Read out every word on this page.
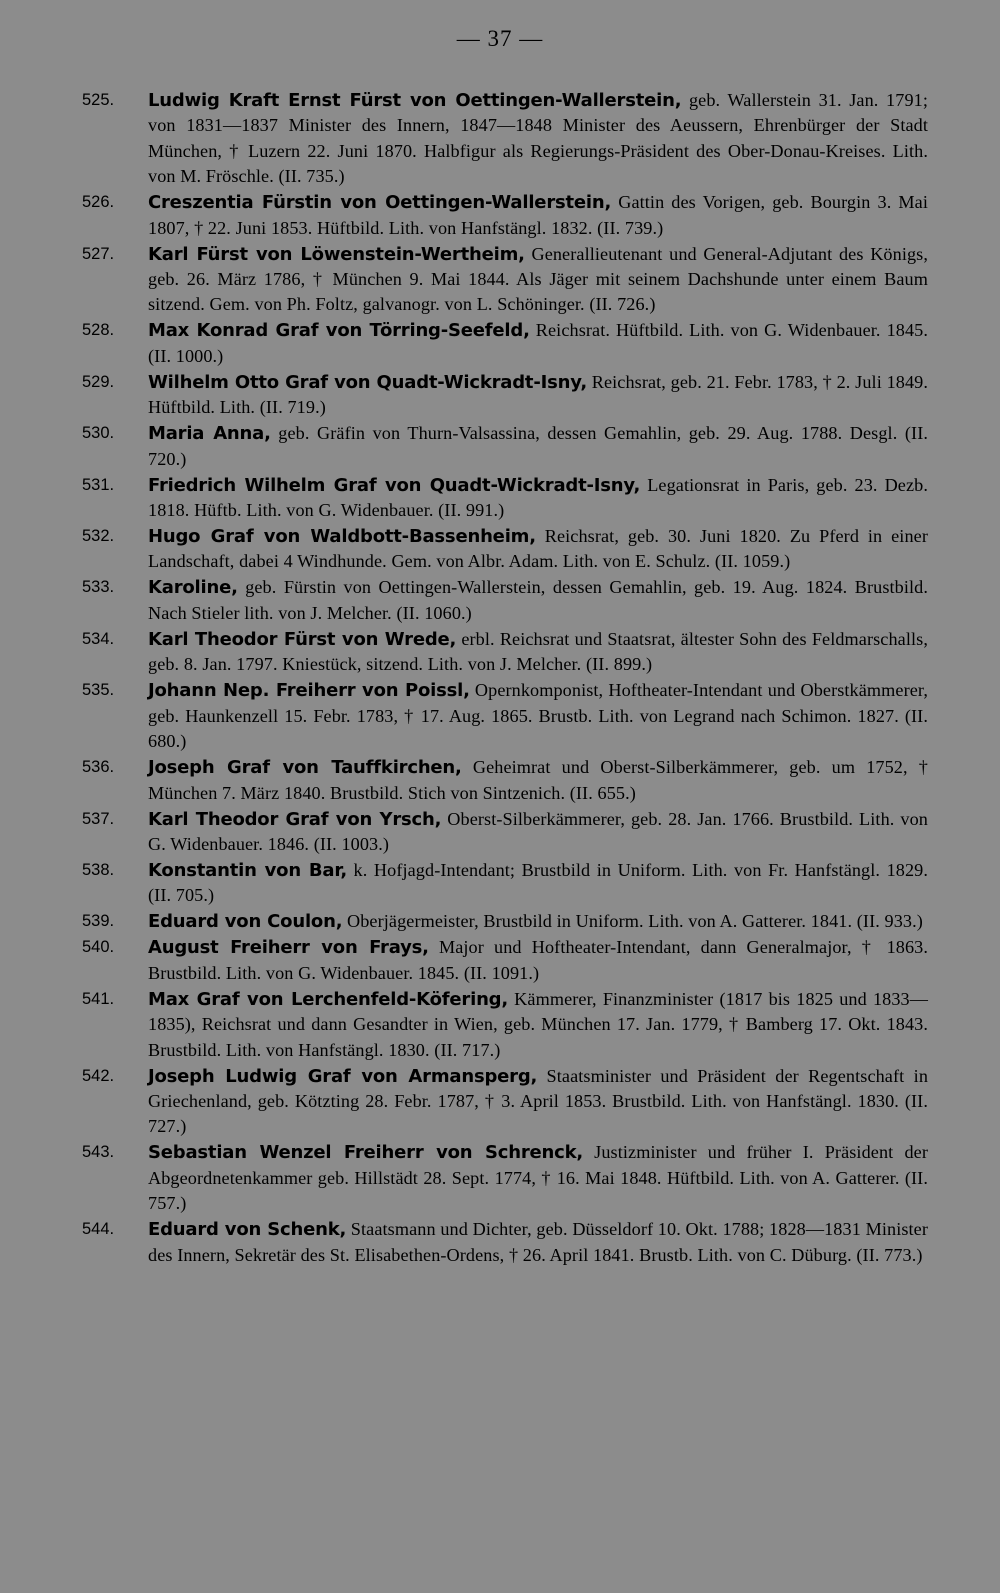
— 37 —
525. Ludwig Kraft Ernst Fürst von Oettingen-Wallerstein, geb. Wallerstein 31. Jan. 1791; von 1831—1837 Minister des Innern, 1847—1848 Minister des Aeussern, Ehrenbürger der Stadt München, † Luzern 22. Juni 1870. Halbfigur als Regierungs-Präsident des Ober-Donau-Kreises. Lith. von M. Fröschle. (II. 735.)
526. Creszentia Fürstin von Oettingen-Wallerstein, Gattin des Vorigen, geb. Bourgin 3. Mai 1807, † 22. Juni 1853. Hüftbild. Lith. von Hanfstängl. 1832. (II. 739.)
527. Karl Fürst von Löwenstein-Wertheim, Generallieutenant und General-Adjutant des Königs, geb. 26. März 1786, † München 9. Mai 1844. Als Jäger mit seinem Dachshunde unter einem Baum sitzend. Gem. von Ph. Foltz, galvanogr. von L. Schöninger. (II. 726.)
528. Max Konrad Graf von Törring-Seefeld, Reichsrat. Hüftbild. Lith. von G. Widenbauer. 1845. (II. 1000.)
529. Wilhelm Otto Graf von Quadt-Wickradt-Isny, Reichsrat, geb. 21. Febr. 1783, † 2. Juli 1849. Hüftbild. Lith. (II. 719.)
530. Maria Anna, geb. Gräfin von Thurn-Valsassina, dessen Gemahlin, geb. 29. Aug. 1788. Desgl. (II. 720.)
531. Friedrich Wilhelm Graf von Quadt-Wickradt-Isny, Legationsrat in Paris, geb. 23. Dezb. 1818. Hüftb. Lith. von G. Widenbauer. (II. 991.)
532. Hugo Graf von Waldbott-Bassenheim, Reichsrat, geb. 30. Juni 1820. Zu Pferd in einer Landschaft, dabei 4 Windhunde. Gem. von Albr. Adam. Lith. von E. Schulz. (II. 1059.)
533. Karoline, geb. Fürstin von Oettingen-Wallerstein, dessen Gemahlin, geb. 19. Aug. 1824. Brustbild. Nach Stieler lith. von J. Melcher. (II. 1060.)
534. Karl Theodor Fürst von Wrede, erbl. Reichsrat und Staatsrat, ältester Sohn des Feldmarschalls, geb. 8. Jan. 1797. Kniestück, sitzend. Lith. von J. Melcher. (II. 899.)
535. Johann Nep. Freiherr von Poissl, Opernkomponist, Hoftheater-Intendant und Oberstkämmerer, geb. Haunkenzell 15. Febr. 1783, † 17. Aug. 1865. Brustb. Lith. von Legrand nach Schimon. 1827. (II. 680.)
536. Joseph Graf von Tauffkirchen, Geheimrat und Oberst-Silberkämmerer, geb. um 1752, † München 7. März 1840. Brustbild. Stich von Sintzenich. (II. 655.)
537. Karl Theodor Graf von Yrsch, Oberst-Silberkämmerer, geb. 28. Jan. 1766. Brustbild. Lith. von G. Widenbauer. 1846. (II. 1003.)
538. Konstantin von Bar, k. Hofjagd-Intendant; Brustbild in Uniform. Lith. von Fr. Hanfstängl. 1829. (II. 705.)
539. Eduard von Coulon, Oberjägermeister, Brustbild in Uniform. Lith. von A. Gatterer. 1841. (II. 933.)
540. August Freiherr von Frays, Major und Hoftheater-Intendant, dann Generalmajor, † 1863. Brustbild. Lith. von G. Widenbauer. 1845. (II. 1091.)
541. Max Graf von Lerchenfeld-Köfering, Kämmerer, Finanzminister (1817 bis 1825 und 1833—1835), Reichsrat und dann Gesandter in Wien, geb. München 17. Jan. 1779, † Bamberg 17. Okt. 1843. Brustbild. Lith. von Hanfstängl. 1830. (II. 717.)
542. Joseph Ludwig Graf von Armansperg, Staatsminister und Präsident der Regentschaft in Griechenland, geb. Kötzting 28. Febr. 1787, † 3. April 1853. Brustbild. Lith. von Hanfstängl. 1830. (II. 727.)
543. Sebastian Wenzel Freiherr von Schrenck, Justizminister und früher I. Präsident der Abgeordnetenkammer geb. Hillstädt 28. Sept. 1774, † 16. Mai 1848. Hüftbild. Lith. von A. Gatterer. (II. 757.)
544. Eduard von Schenk, Staatsmann und Dichter, geb. Düsseldorf 10. Okt. 1788; 1828—1831 Minister des Innern, Sekretär des St. Elisabethen-Ordens, † 26. April 1841. Brustb. Lith. von C. Düburg. (II. 773.)
